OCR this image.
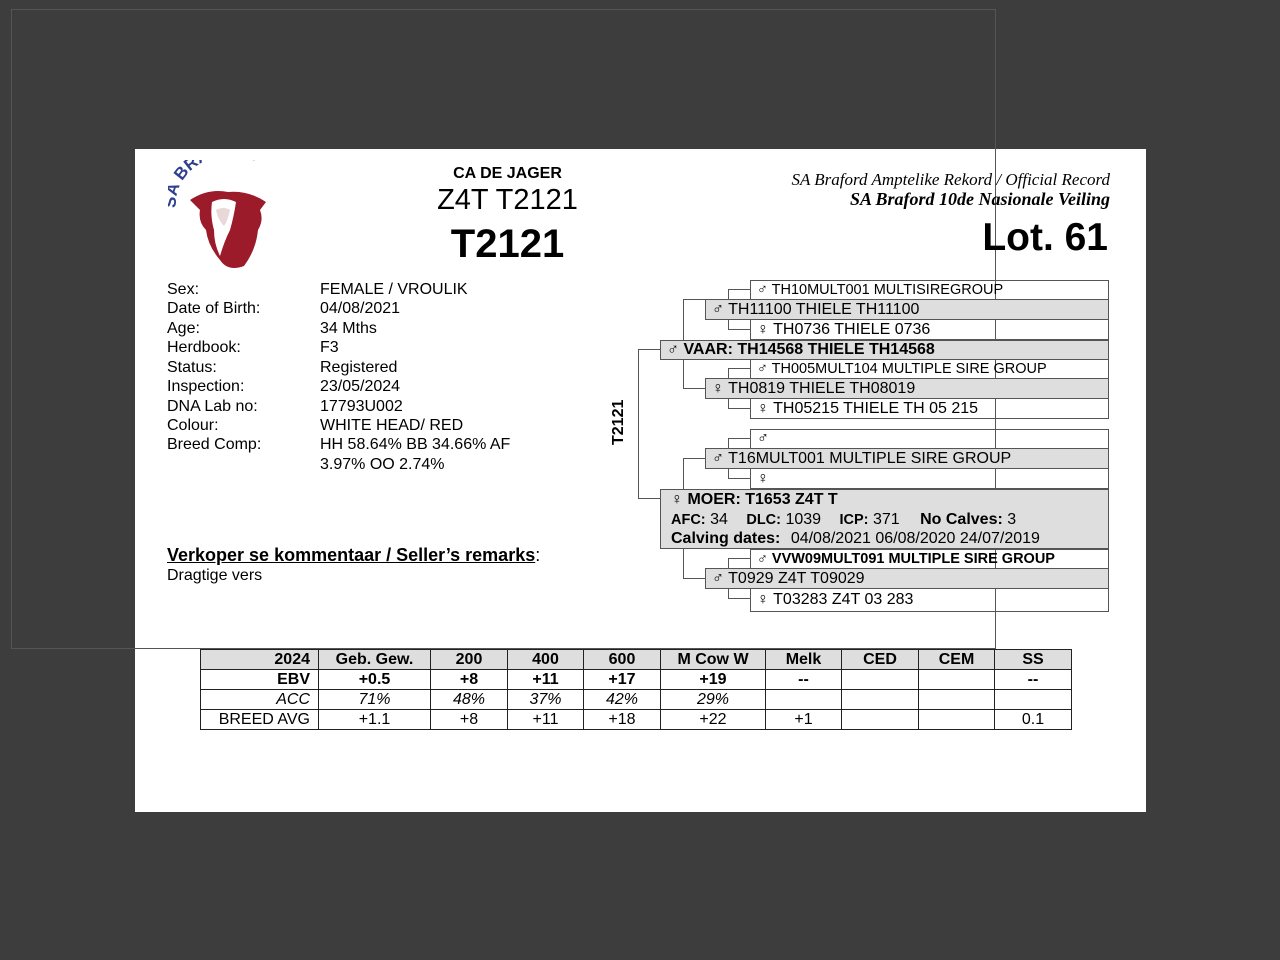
BR	CA DE JAGER
Z4T T2121
T2121
SA Braford Amptelike Rekord / Official Record
SA Braford 10de Nasionale Veiling
Lot. 61
Sex:	FEMALE / VROULIK
Date of Birth:	04/08/2021
Age:	34 Mths
Herdbook:	F3
Status:	Registered
Inspection:	23/05/2024
DNA Lab no:	17793U002
Colour:	WHITE HEAD/ RED
Breed Comp:	HH 58.64% BB 34.66% AF
3.97% OO 2.74%
Verkoper se kommentaar / Seller’s remarks:
Dragtige vers
T2121
♂ TH10MULT001 MULTISIREGROUP
♂ TH11100 THIELE TH11100
♀ TH0736 THIELE 0736
♂ VAAR: TH14568 THIELE TH14568
♂ TH005MULT104 MULTIPLE SIRE GROUP
♀ TH0819 THIELE TH08019
♀ TH05215 THIELE TH 05 215
♂
♂ T16MULT001 MULTIPLE SIRE GROUP
♀
♀ MOER: T1653 Z4T T
AFC: 34 DLC: 1039 ICP: 371 No Calves: 3
Calving dates: 04/08/2021 06/08/2020 24/07/2019
♂ VVW09MULT091 MULTIPLE SIRE GROUP
♂ T0929 Z4T T09029
♀ T03283 Z4T 03 283
2024	Geb. Gew.	200	400	600	M Cow W	Melk	CED	CEM	SS
EBV	+0.5	+8	+11	+17	+19	--			--
ACC	71%	48%	37%	42%	29%				
BREED AVG	+1.1	+8	+11	+18	+22	+1			0.1
